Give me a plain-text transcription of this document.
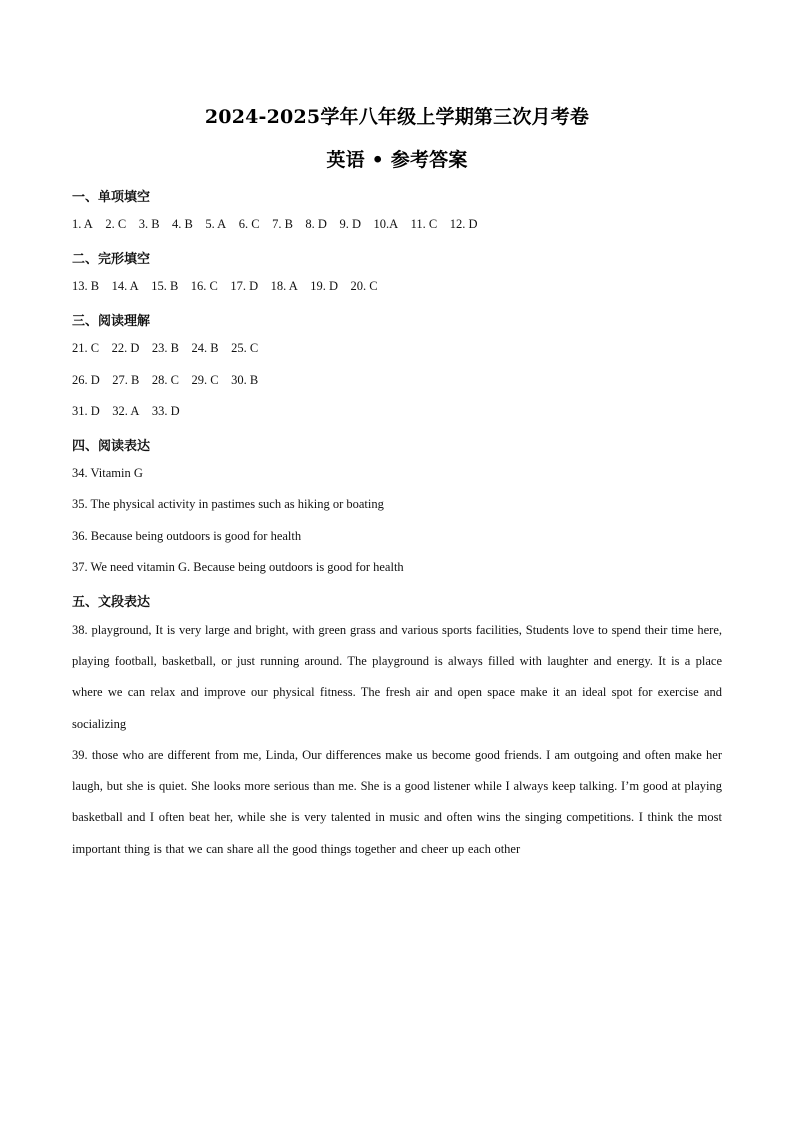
2024-2025学年八年级上学期第三次月考卷
英语 • 参考答案
一、单项填空
1. A 2. C 3. B 4. B 5. A 6. C 7. B 8. D 9. D 10.A 11. C 12. D
二、完形填空
13. B 14. A 15. B 16. C 17. D 18. A 19. D 20. C
三、阅读理解
21. C 22. D 23. B 24. B 25. C
26. D 27. B 28. C 29. C 30. B
31. D 32. A 33. D
四、阅读表达
34. Vitamin G
35. The physical activity in pastimes such as hiking or boating
36. Because being outdoors is good for health
37. We need vitamin G. Because being outdoors is good for health
五、文段表达
38. playground, It is very large and bright, with green grass and various sports facilities, Students love to spend their time here, playing football, basketball, or just running around. The playground is always filled with laughter and energy. It is a place where we can relax and improve our physical fitness. The fresh air and open space make it an ideal spot for exercise and socializing
39. those who are different from me, Linda, Our differences make us become good friends. I am outgoing and often make her laugh, but she is quiet. She looks more serious than me. She is a good listener while I always keep talking. I’m good at playing basketball and I often beat her, while she is very talented in music and often wins the singing competitions. I think the most important thing is that we can share all the good things together and cheer up each other
